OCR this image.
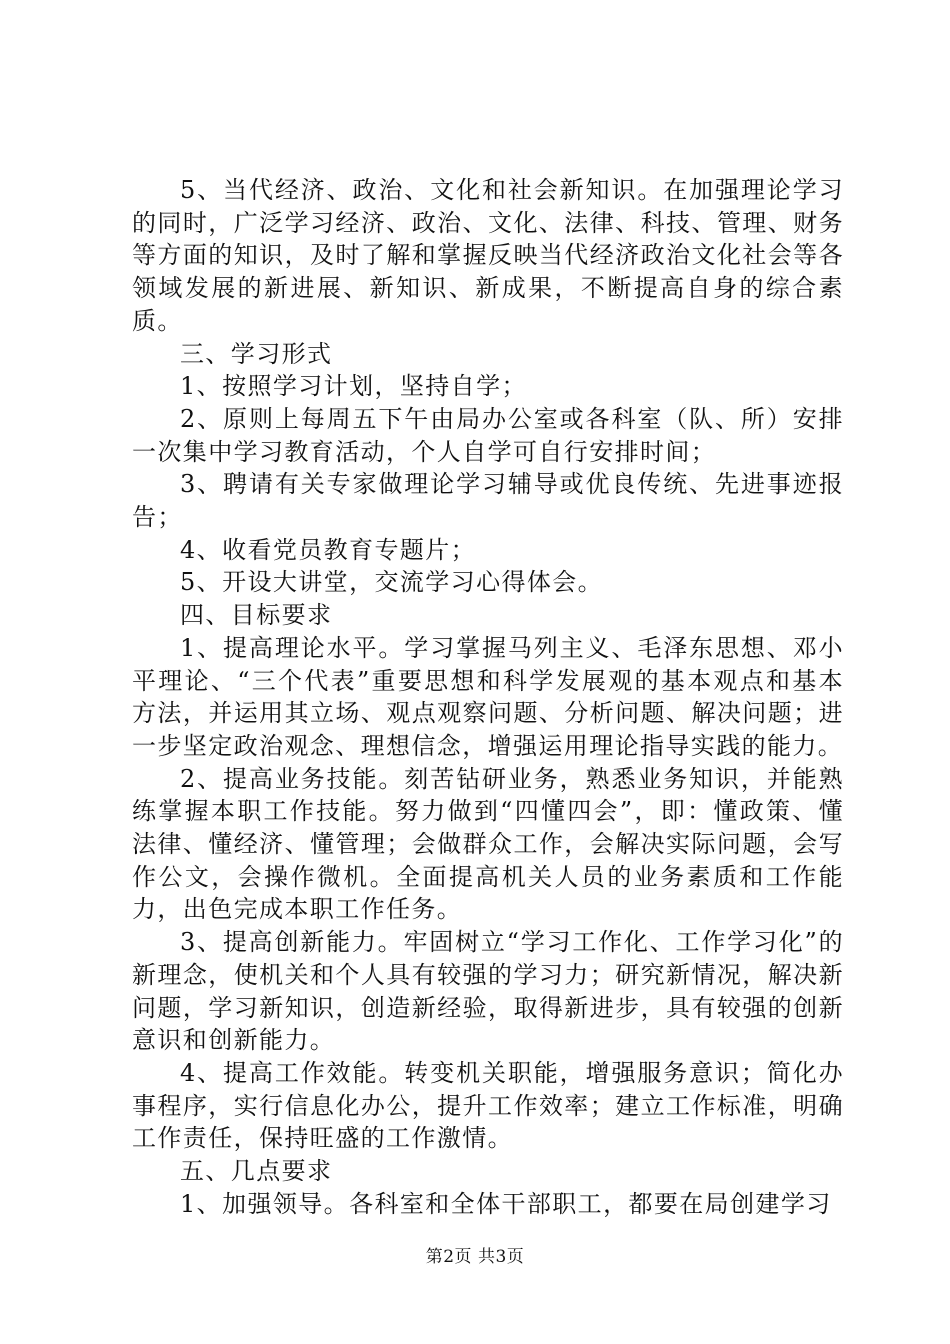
5、当代经济、政治、文化和社会新知识。在加强理论学习的同时，广泛学习经济、政治、文化、法律、科技、管理、财务等方面的知识，及时了解和掌握反映当代经济政治文化社会等各领域发展的新进展、新知识、新成果，不断提高自身的综合素质。

三、学习形式

1、按照学习计划，坚持自学；

2、原则上每周五下午由局办公室或各科室（队、所）安排一次集中学习教育活动，个人自学可自行安排时间；

3、聘请有关专家做理论学习辅导或优良传统、先进事迹报告；

4、收看党员教育专题片；

5、开设大讲堂，交流学习心得体会。

四、目标要求

1、提高理论水平。学习掌握马列主义、毛泽东思想、邓小平理论、“三个代表”重要思想和科学发展观的基本观点和基本方法，并运用其立场、观点观察问题、分析问题、解决问题；进一步坚定政治观念、理想信念，增强运用理论指导实践的能力。

2、提高业务技能。刻苦钻研业务，熟悉业务知识，并能熟练掌握本职工作技能。努力做到“四懂四会”，即：懂政策、懂法律、懂经济、懂管理；会做群众工作，会解决实际问题，会写作公文，会操作微机。全面提高机关人员的业务素质和工作能力，出色完成本职工作任务。

3、提高创新能力。牢固树立“学习工作化、工作学习化”的新理念，使机关和个人具有较强的学习力；研究新情况，解决新问题，学习新知识，创造新经验，取得新进步，具有较强的创新意识和创新能力。

4、提高工作效能。转变机关职能，增强服务意识；简化办事程序，实行信息化办公，提升工作效率；建立工作标准，明确工作责任，保持旺盛的工作激情。

五、几点要求

1、加强领导。各科室和全体干部职工，都要在局创建学习

第2页 共3页
